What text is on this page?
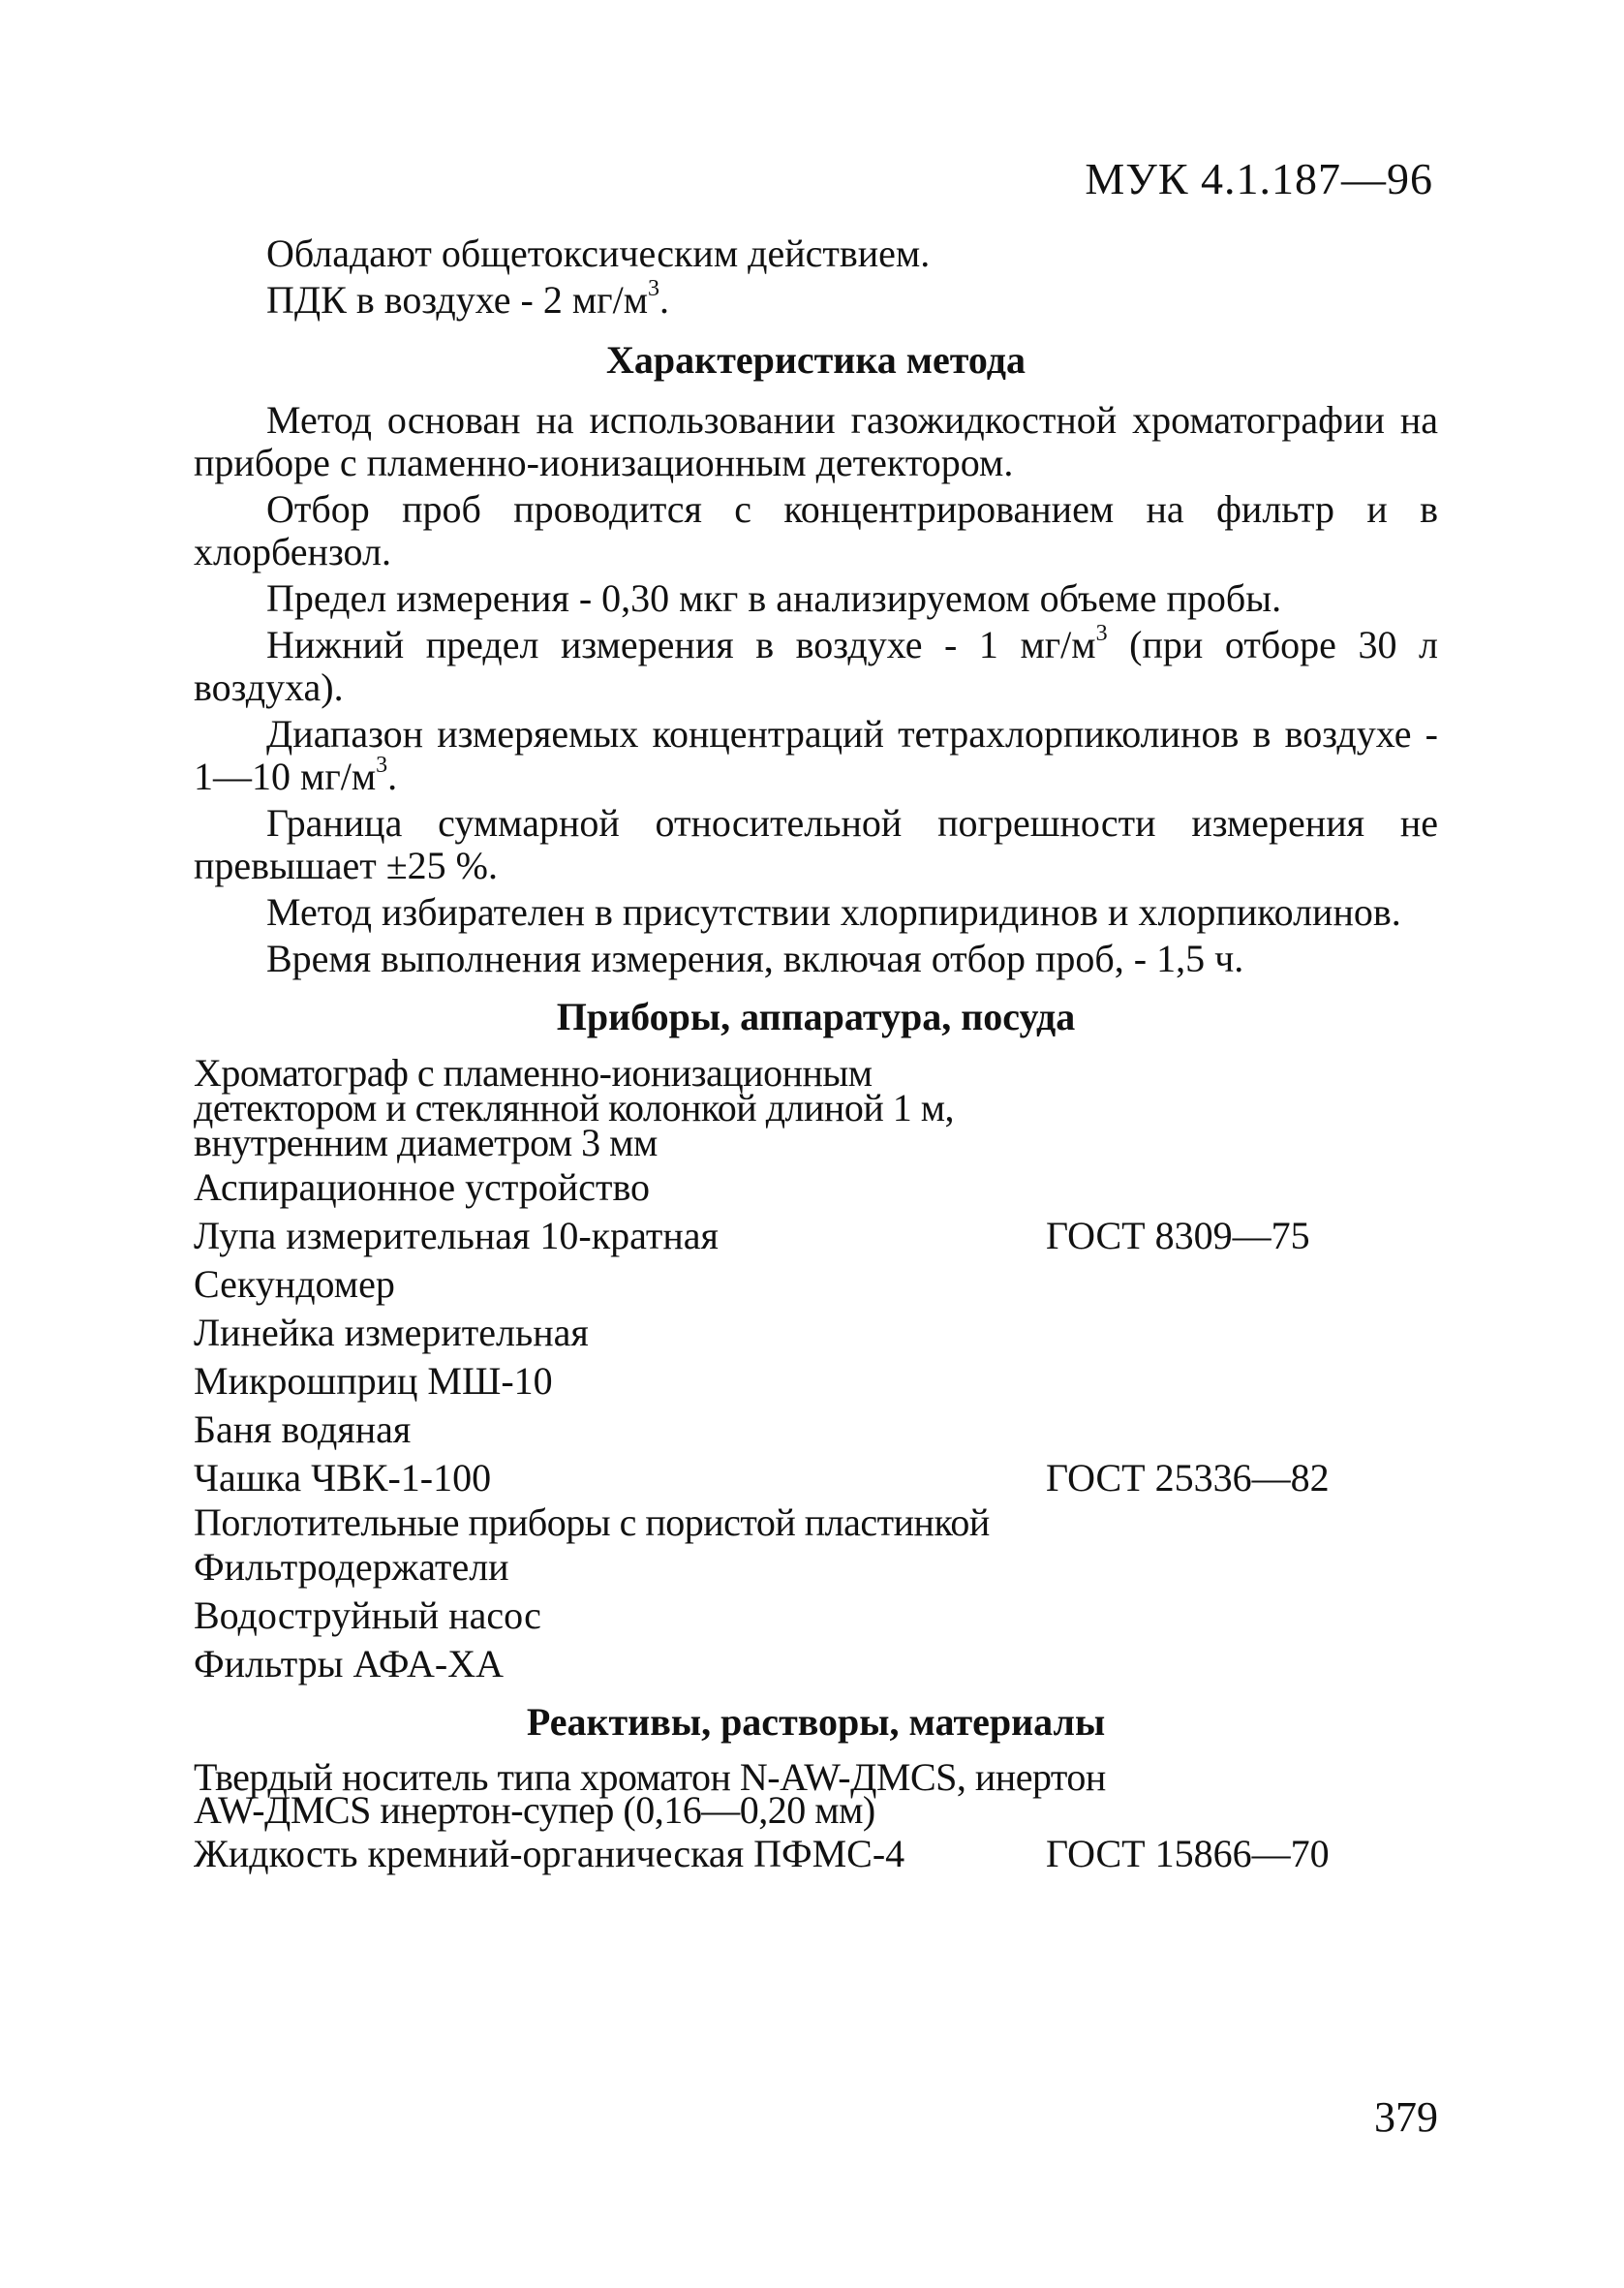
МУК 4.1.187—96

Обладают общетоксическим действием.

ПДК в воздухе - 2 $мг/м^3$.

Характеристика метода

Метод основан на использовании газожидкостной хроматографии на приборе с пламенно-ионизационным детектором.

Отбор проб проводится с концентрированием на фильтр и в хлорбензол.

Предел измерения - 0,30 мкг в анализируемом объеме пробы.

Нижний предел измерения в воздухе - 1 $мг/м^3$ (при отборе 30 л воздуха).

Диапазон измеряемых концентраций тетрахлорпиколинов в воздухе - 1—10 $мг/м^3$.

Граница суммарной относительной погрешности измерения не превышает ±25 %.

Метод избирателен в присутствии хлорпиридинов и хлорпиколинов.

Время выполнения измерения, включая отбор проб, - 1,5 ч.

Приборы, аппаратура, посуда
Хроматограф с пламенно-ионизационным детектором и стеклянной колонкой длиной 1 м, внутренним диаметром 3 мм
Аспирационное устройство
Лупа измерительная 10-кратная	ГОСТ 8309—75
Секундомер
Линейка измерительная
Микрошприц МШ-10
Баня водяная
Чашка ЧВК-1-100	ГОСТ 25336—82
Поглотительные приборы с пористой пластинкой
Фильтродержатели
Водоструйный насос
Фильтры АФА-ХА
Реактивы, растворы, материалы
Твердый носитель типа хроматон N-AW-ДМCS, инертон AW-ДМCS инертон-супер (0,16—0,20 мм)
Жидкость кремний-органическая ПФМС-4	ГОСТ 15866—70
379
